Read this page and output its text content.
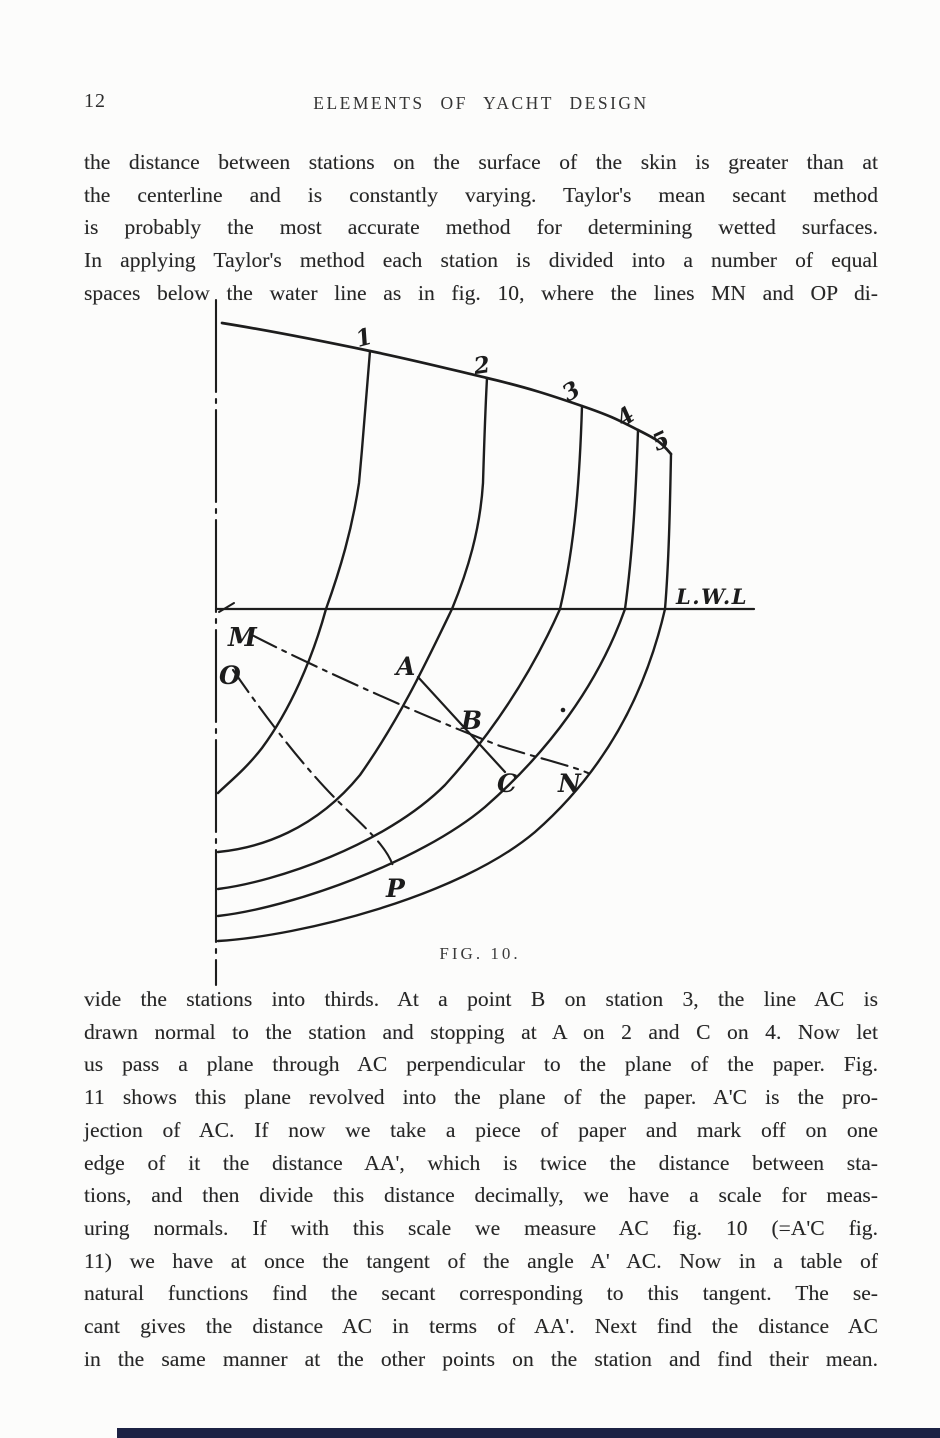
12	ELEMENTS OF YACHT DESIGN
the distance between stations on the surface of the skin is greater than at
the centerline and is constantly varying. Taylor's mean secant method
is probably the most accurate method for determining wetted surfaces.
In applying Taylor's method each station is divided into a number of equal
spaces below the water line as in fig. 10, where the lines MN and OP di-
1
2
3
4
5
M
O	A
B
C N
P
L.W.L
FIG. 10.
vide the stations into thirds. At a point B on station 3, the line AC is
drawn normal to the station and stopping at A on 2 and C on 4. Now let
us pass a plane through AC perpendicular to the plane of the paper. Fig.
11 shows this plane revolved into the plane of the paper. A'C is the pro-
jection of AC. If now we take a piece of paper and mark off on one
edge of it the distance AA', which is twice the distance between sta-
tions, and then divide this distance decimally, we have a scale for meas-
uring normals. If with this scale we measure AC fig. 10 (=A'C fig.
11) we have at once the tangent of the angle A' AC. Now in a table of
natural functions find the secant corresponding to this tangent. The se-
cant gives the distance AC in terms of AA'. Next find the distance AC
in the same manner at the other points on the station and find their mean.
